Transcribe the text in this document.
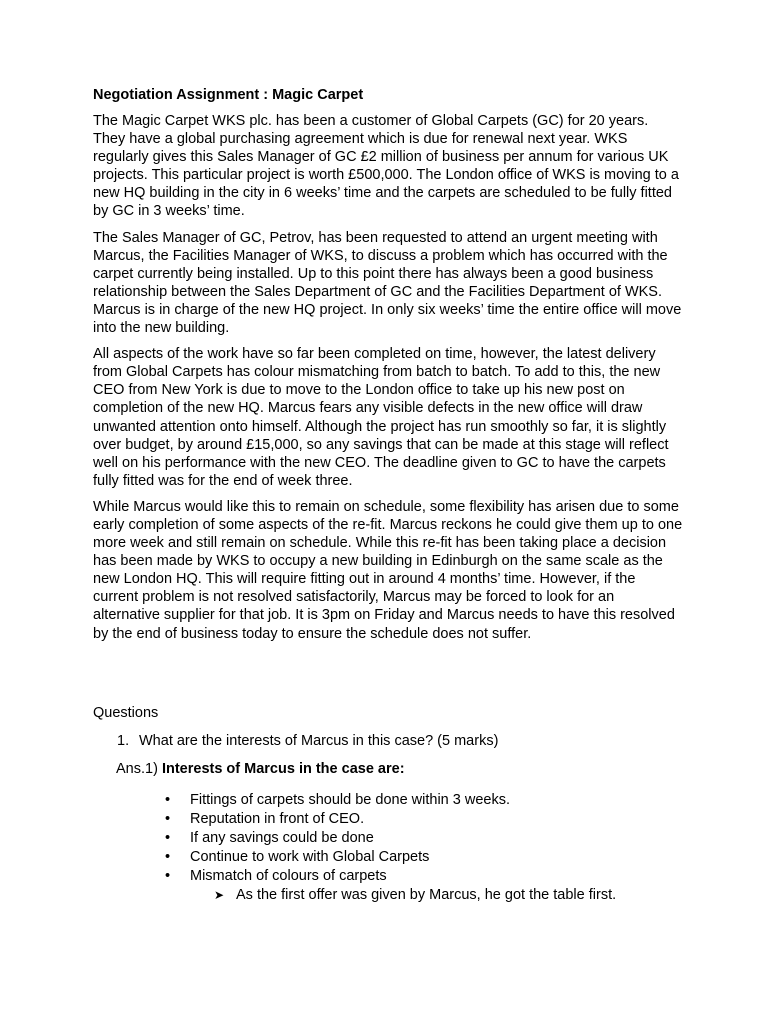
Negotiation Assignment : Magic Carpet

The Magic Carpet WKS plc. has been a customer of Global Carpets (GC) for 20 years. They have a global purchasing agreement which is due for renewal next year. WKS regularly gives this Sales Manager of GC £2 million of business per annum for various UK projects. This particular project is worth £500,000. The London office of WKS is moving to a new HQ building in the city in 6 weeks’ time and the carpets are scheduled to be fully fitted by GC in 3 weeks’ time.

The Sales Manager of GC, Petrov, has been requested to attend an urgent meeting with Marcus, the Facilities Manager of WKS, to discuss a problem which has occurred with the carpet currently being installed. Up to this point there has always been a good business relationship between the Sales Department of GC and the Facilities Department of WKS. Marcus is in charge of the new HQ project. In only six weeks’ time the entire office will move into the new building.

All aspects of the work have so far been completed on time, however, the latest delivery from Global Carpets has colour mismatching from batch to batch. To add to this, the new CEO from New York is due to move to the London office to take up his new post on completion of the new HQ. Marcus fears any visible defects in the new office will draw unwanted attention onto himself. Although the project has run smoothly so far, it is slightly over budget, by around £15,000, so any savings that can be made at this stage will reflect well on his performance with the new CEO. The deadline given to GC to have the carpets fully fitted was for the end of week three.

While Marcus would like this to remain on schedule, some flexibility has arisen due to some early completion of some aspects of the re-fit. Marcus reckons he could give them up to one more week and still remain on schedule. While this re-fit has been taking place a decision has been made by WKS to occupy a new building in Edinburgh on the same scale as the new London HQ. This will require fitting out in around 4 months’ time. However, if the current problem is not resolved satisfactorily, Marcus may be forced to look for an alternative supplier for that job. It is 3pm on Friday and Marcus needs to have this resolved by the end of business today to ensure the schedule does not suffer.

Questions

1. What are the interests of Marcus in this case? (5 marks)
Ans.1) Interests of Marcus in the case are:
• Fittings of carpets should be done within 3 weeks.
• Reputation in front of CEO.
• If any savings could be done
• Continue to work with Global Carpets
• Mismatch of colours of carpets
➤ As the first offer was given by Marcus, he got the table first.
